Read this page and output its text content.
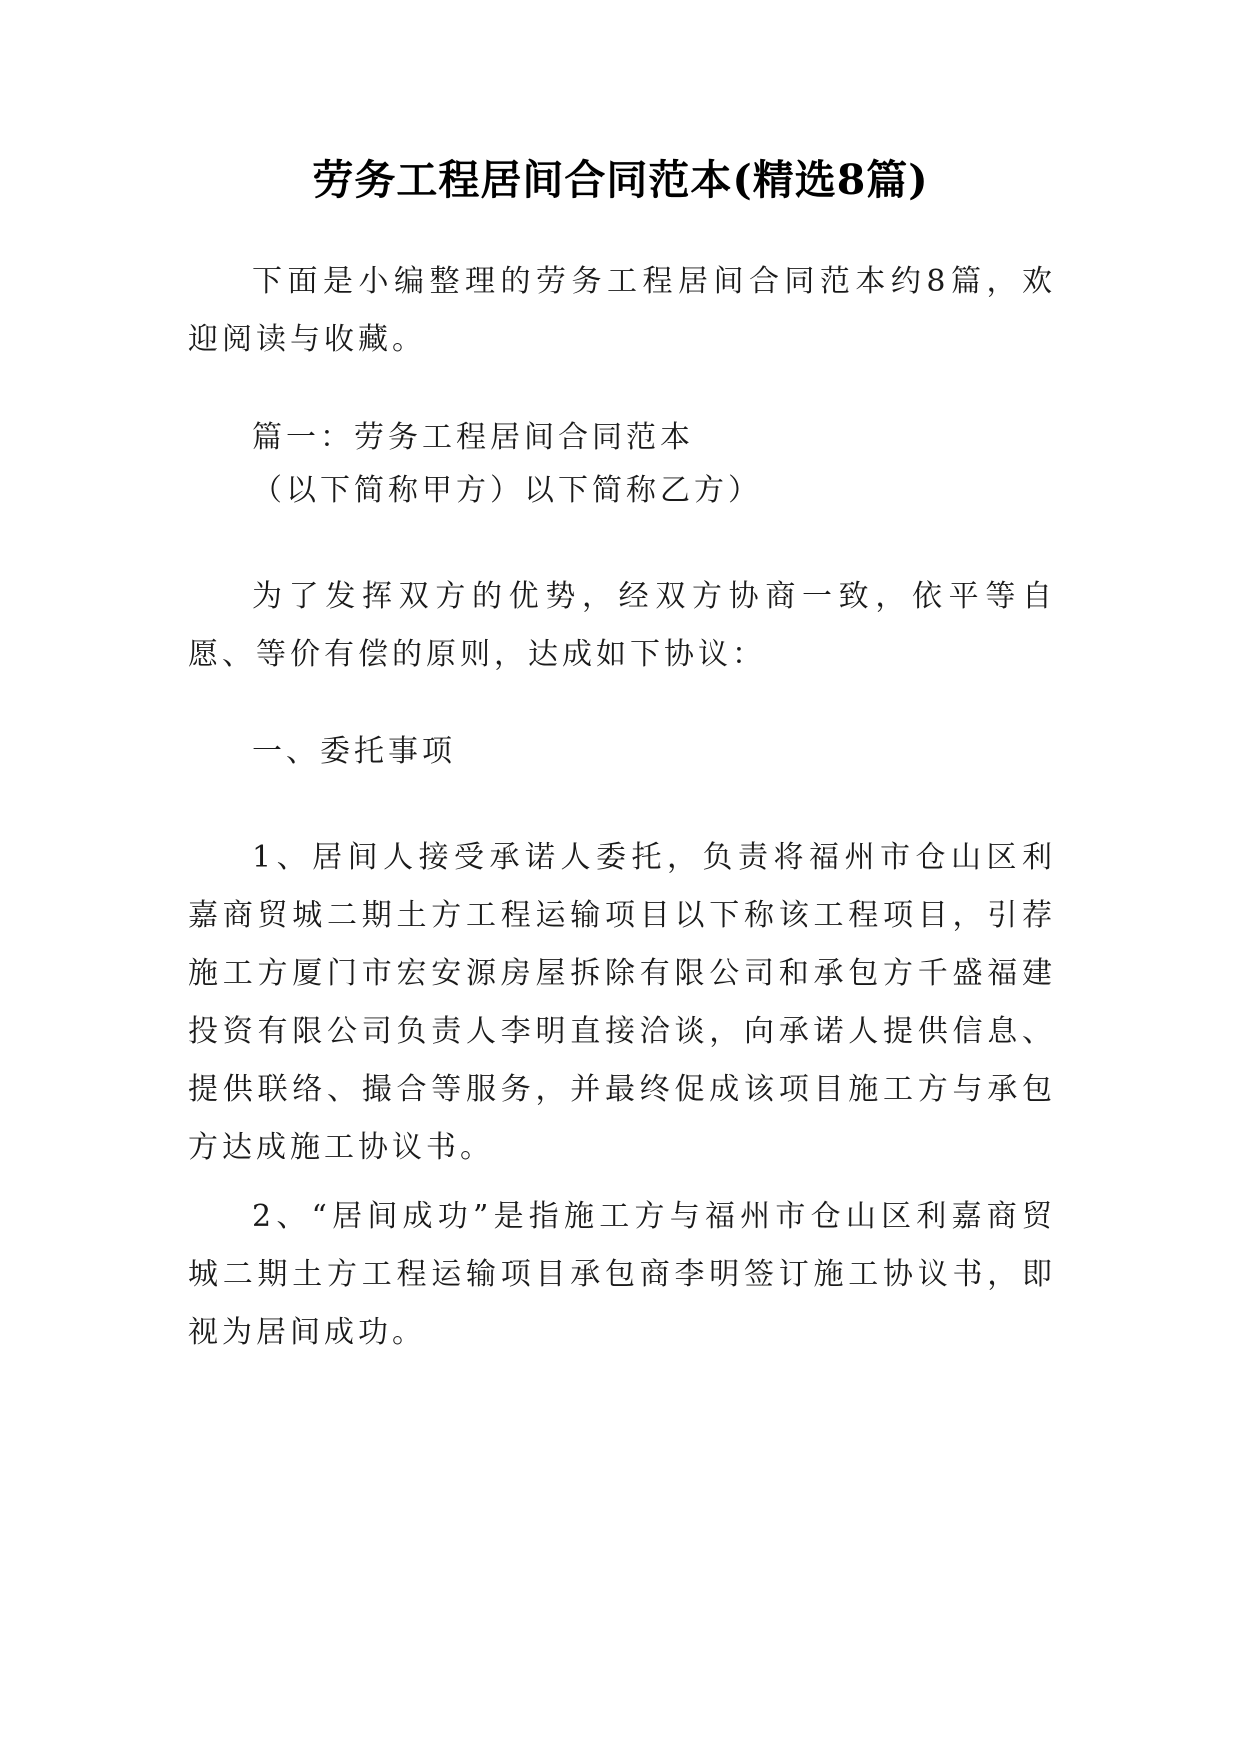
劳务工程居间合同范本(精选8篇)

下面是小编整理的劳务工程居间合同范本约8篇，欢迎阅读与收藏。

篇一：劳务工程居间合同范本

（以下简称甲方）以下简称乙方）

为了发挥双方的优势，经双方协商一致，依平等自愿、等价有偿的原则，达成如下协议：

一、委托事项

1、居间人接受承诺人委托，负责将福州市仓山区利嘉商贸城二期土方工程运输项目以下称该工程项目，引荐施工方厦门市宏安源房屋拆除有限公司和承包方千盛福建投资有限公司负责人李明直接洽谈，向承诺人提供信息、提供联络、撮合等服务，并最终促成该项目施工方与承包方达成施工协议书。

2、“居间成功”是指施工方与福州市仓山区利嘉商贸城二期土方工程运输项目承包商李明签订施工协议书，即视为居间成功。
